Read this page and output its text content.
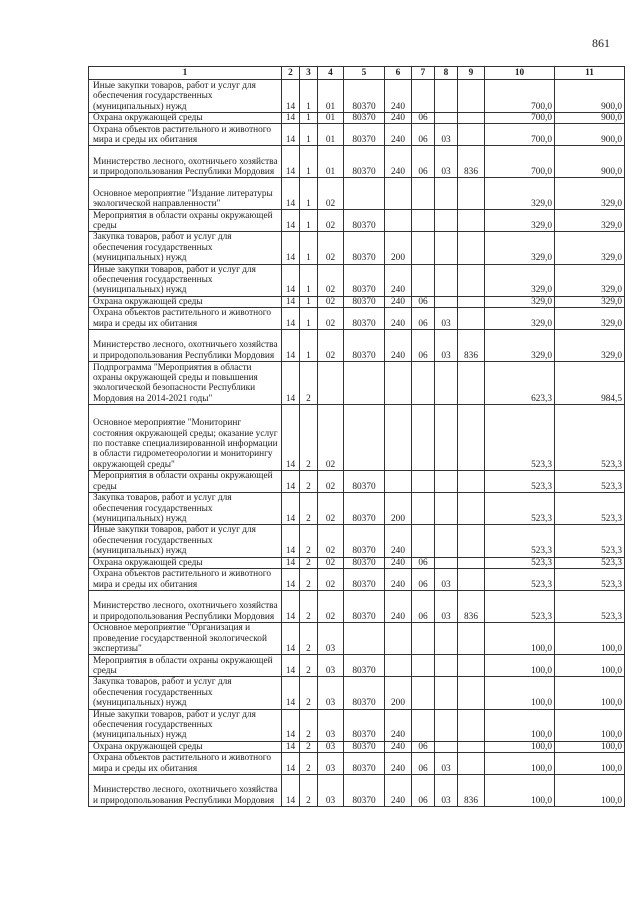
861
1	2	3	4	5	6	7	8	9	10	11
Иные закупки товаров, работ и услуг для обеспечения государственных (муниципальных) нужд	14	1	01	80370	240				700,0	900,0
Охрана окружающей среды	14	1	01	80370	240	06			700,0	900,0
Охрана объектов растительного и животного мира и среды их обитания	14	1	01	80370	240	06	03		700,0	900,0
Министерство лесного, охотничьего хозяйства и природопользования Республики Мордовия	14	1	01	80370	240	06	03	836	700,0	900,0
Основное мероприятие "Издание литературы экологической направленности"	14	1	02						329,0	329,0
Мероприятия в области охраны окружающей среды	14	1	02	80370					329,0	329,0
Закупка товаров, работ и услуг для обеспечения государственных (муниципальных) нужд	14	1	02	80370	200				329,0	329,0
Иные закупки товаров, работ и услуг для обеспечения государственных (муниципальных) нужд	14	1	02	80370	240				329,0	329,0
Охрана окружающей среды	14	1	02	80370	240	06			329,0	329,0
Охрана объектов растительного и животного мира и среды их обитания	14	1	02	80370	240	06	03		329,0	329,0
Министерство лесного, охотничьего хозяйства и природопользования Республики Мордовия	14	1	02	80370	240	06	03	836	329,0	329,0
Подпрограмма "Мероприятия в области охраны окружающей среды и повышения экологической безопасности Республики Мордовия на 2014-2021 годы"	14	2							623,3	984,5
Основное мероприятие "Мониторинг состояния окружающей среды; оказание услуг по поставке специализированной информации в области гидрометеорологии и мониторингу окружающей среды"	14	2	02						523,3	523,3
Мероприятия в области охраны окружающей среды	14	2	02	80370					523,3	523,3
Закупка товаров, работ и услуг для обеспечения государственных (муниципальных) нужд	14	2	02	80370	200				523,3	523,3
Иные закупки товаров, работ и услуг для обеспечения государственных (муниципальных) нужд	14	2	02	80370	240				523,3	523,3
Охрана окружающей среды	14	2	02	80370	240	06			523,3	523,3
Охрана объектов растительного и животного мира и среды их обитания	14	2	02	80370	240	06	03		523,3	523,3
Министерство лесного, охотничьего хозяйства и природопользования Республики Мордовия	14	2	02	80370	240	06	03	836	523,3	523,3
Основное мероприятие "Организация и проведение государственной экологической экспертизы"	14	2	03						100,0	100,0
Мероприятия в области охраны окружающей среды	14	2	03	80370					100,0	100,0
Закупка товаров, работ и услуг для обеспечения государственных (муниципальных) нужд	14	2	03	80370	200				100,0	100,0
Иные закупки товаров, работ и услуг для обеспечения государственных (муниципальных) нужд	14	2	03	80370	240				100,0	100,0
Охрана окружающей среды	14	2	03	80370	240	06			100,0	100,0
Охрана объектов растительного и животного мира и среды их обитания	14	2	03	80370	240	06	03		100,0	100,0
Министерство лесного, охотничьего хозяйства и природопользования Республики Мордовия	14	2	03	80370	240	06	03	836	100,0	100,0
